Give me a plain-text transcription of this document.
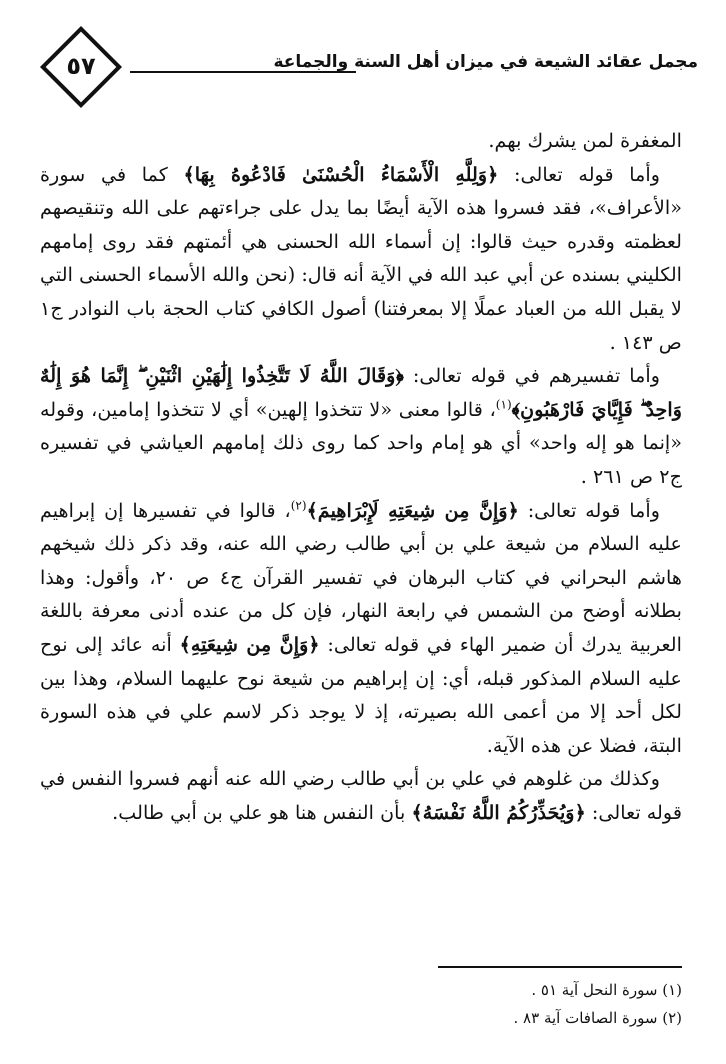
٥٧	مجمل عقائد الشيعة في ميزان أهل السنة والجماعة

المغفرة لمن يشرك بهم.

وأما قوله تعالى: ﴿وَلِلَّهِ الْأَسْمَاءُ الْحُسْنَىٰ فَادْعُوهُ بِهَا﴾ كما في سورة «الأعراف»، فقد فسروا هذه الآية أيضًا بما يدل على جراءتهم على الله وتنقيصهم لعظمته وقدره حيث قالوا: إن أسماء الله الحسنى هي أئمتهم فقد روى إمامهم الكليني بسنده عن أبي عبد الله في الآية أنه قال: (نحن والله الأسماء الحسنى التي لا يقبل الله من العباد عملًا إلا بمعرفتنا) أصول الكافي كتاب الحجة باب النوادر ج١ ص ١٤٣ .

وأما تفسيرهم في قوله تعالى: ﴿وَقَالَ اللَّهُ لَا تَتَّخِذُوا إِلَٰهَيْنِ اثْنَيْنِ ۖ إِنَّمَا هُوَ إِلَٰهٌ وَاحِدٌ ۖ فَإِيَّايَ فَارْهَبُونِ﴾$^{(١)}$، قالوا معنى «لا تتخذوا إلهين» أي لا تتخذوا إمامين، وقوله «إنما هو إله واحد» أي هو إمام واحد كما روى ذلك إمامهم العياشي في تفسيره ج٢ ص ٢٦١ .

وأما قوله تعالى: ﴿وَإِنَّ مِن شِيعَتِهِ لَإِبْرَاهِيمَ﴾$^{(٢)}$، قالوا في تفسيرها إن إبراهيم عليه السلام من شيعة علي بن أبي طالب رضي الله عنه، وقد ذكر ذلك شيخهم هاشم البحراني في كتاب البرهان في تفسير القرآن ج٤ ص ٢٠، وأقول: وهذا بطلانه أوضح من الشمس في رابعة النهار، فإن كل من عنده أدنى معرفة باللغة العربية يدرك أن ضمير الهاء في قوله تعالى: ﴿وَإِنَّ مِن شِيعَتِهِ﴾ أنه عائد إلى نوح عليه السلام المذكور قبله، أي: إن إبراهيم من شيعة نوح عليهما السلام، وهذا بين لكل أحد إلا من أعمى الله بصيرته، إذ لا يوجد ذكر لاسم علي في هذه السورة البتة، فضلا عن هذه الآية.

وكذلك من غلوهم في علي بن أبي طالب رضي الله عنه أنهم فسروا النفس في قوله تعالى: ﴿وَيُحَذِّرُكُمُ اللَّهُ نَفْسَهُ﴾ بأن النفس هنا هو علي بن أبي طالب.

(١) سورة النحل آية ٥١ .

(٢) سورة الصافات آية ٨٣ .
